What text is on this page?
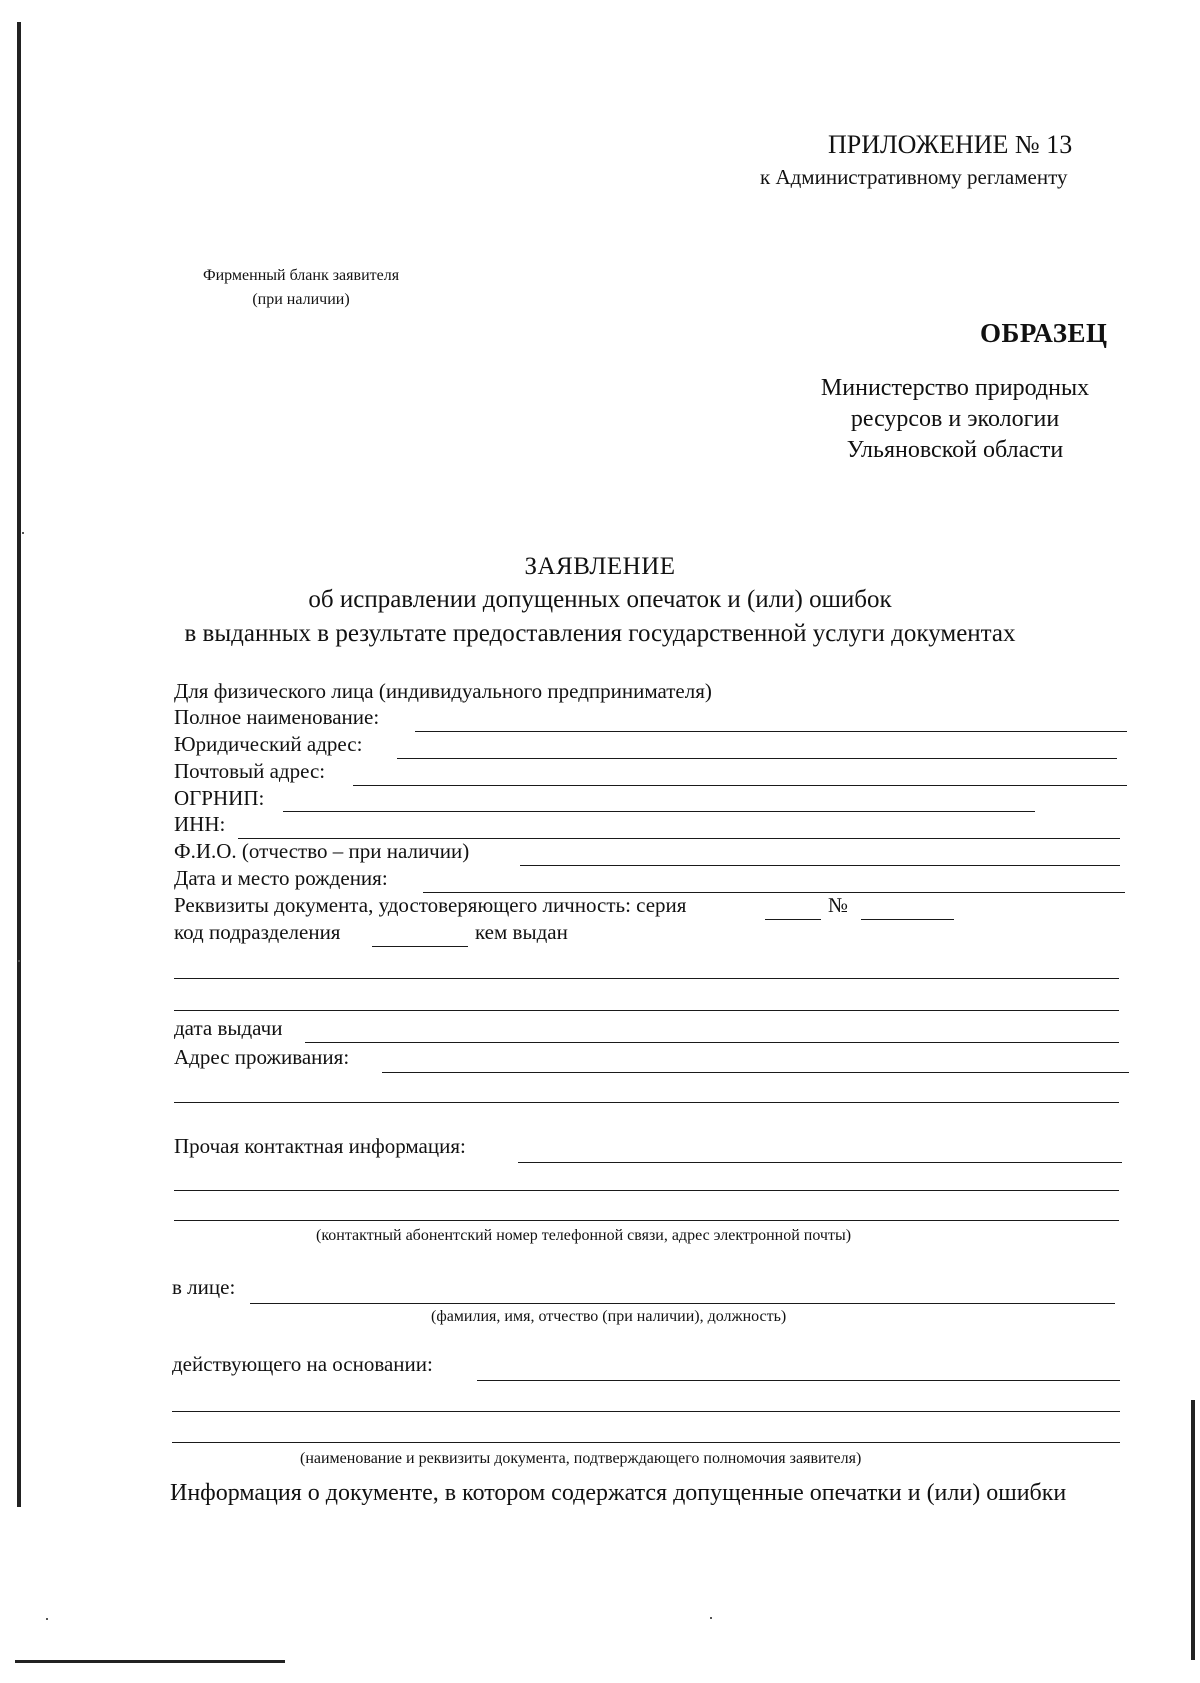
ПРИЛОЖЕНИЕ № 13
к Административному регламенту
Фирменный бланк заявителя
(при наличии)
ОБРАЗЕЦ
Министерство природных
ресурсов и экологии
Ульяновской области
ЗАЯВЛЕНИЕ
об исправлении допущенных опечаток и (или) ошибок
в выданных в результате предоставления государственной услуги документах
Для физического лица (индивидуального предпринимателя)
Полное наименование:
Юридический адрес:
Почтовый адрес:
ОГРНИП:
ИНН:
Ф.И.О. (отчество – при наличии)
Дата и место рождения:
Реквизиты документа, удостоверяющего личность: серия	№
код подразделения	кем выдан
дата выдачи
Адрес проживания:
Прочая контактная информация:
(контактный абонентский номер телефонной связи, адрес электронной почты)
в лице:
(фамилия, имя, отчество (при наличии), должность)
действующего на основании:
(наименование и реквизиты документа, подтверждающего полномочия заявителя)
Информация о документе, в котором содержатся допущенные опечатки и (или) ошибки
